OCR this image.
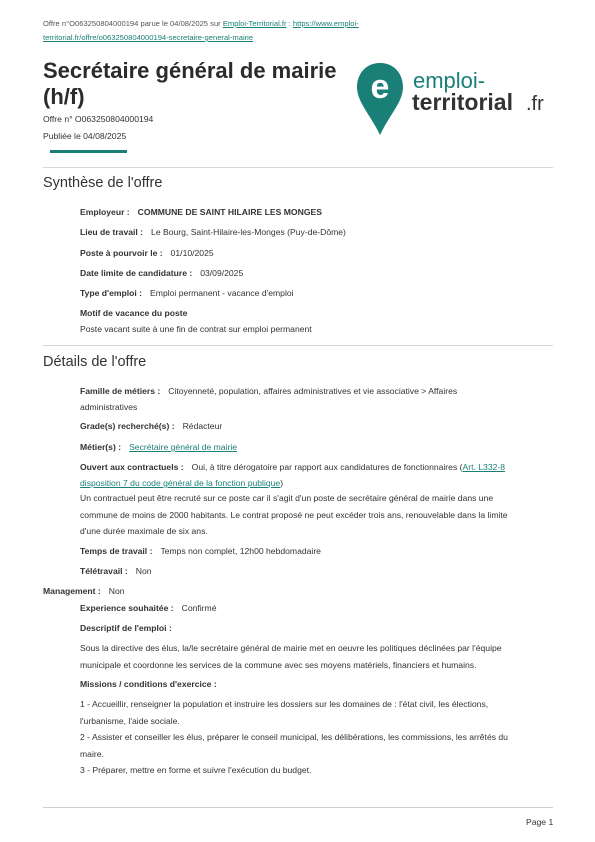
Offre n°O063250804000194 parue le 04/08/2025 sur Emploi-Territorial.fr : https://www.emploi-
territorial.fr/offre/o063250804000194-secretaire-general-mairie
Secrétaire général de mairie (h/f)
Offre n° O063250804000194
Publiée le 04/08/2025
e emploi-
territorial .fr
Synthèse de l'offre
Employeur : COMMUNE DE SAINT HILAIRE LES MONGES
Lieu de travail : Le Bourg, Saint-Hilaire-les-Monges (Puy-de-Dôme)
Poste à pourvoir le : 01/10/2025
Date limite de candidature : 03/09/2025
Type d'emploi : Emploi permanent - vacance d'emploi
Motif de vacance du poste
Poste vacant suite à une fin de contrat sur emploi permanent
Détails de l'offre
Famille de métiers : Citoyenneté, population, affaires administratives et vie associative > Affaires
administratives
Grade(s) recherché(s) : Rédacteur
Métier(s) : Secrétaire général de mairie
Ouvert aux contractuels : Oui, à titre dérogatoire par rapport aux candidatures de fonctionnaires (Art. L332-8
disposition 7 du code général de la fonction publique)
Un contractuel peut être recruté sur ce poste car il s'agit d'un poste de secrétaire général de mairie dans une
commune de moins de 2000 habitants. Le contrat proposé ne peut excéder trois ans, renouvelable dans la limite
d'une durée maximale de six ans.
Temps de travail : Temps non complet, 12h00 hebdomadaire
Télétravail : Non
Management : Non
Experience souhaitée : Confirmé
Descriptif de l'emploi :
Sous la directive des élus, la/le secrétaire général de mairie met en oeuvre les politiques déclinées par l'équipe
municipale et coordonne les services de la commune avec ses moyens matériels, financiers et humains.
Missions / conditions d'exercice :
1 - Accueillir, renseigner la population et instruire les dossiers sur les domaines de : l'état civil, les élections,
l'urbanisme, l'aide sociale.
2 - Assister et conseiller les élus, préparer le conseil municipal, les délibérations, les commissions, les arrêtés du
maire.
3 - Préparer, mettre en forme et suivre l'exécution du budget.
Page 1
